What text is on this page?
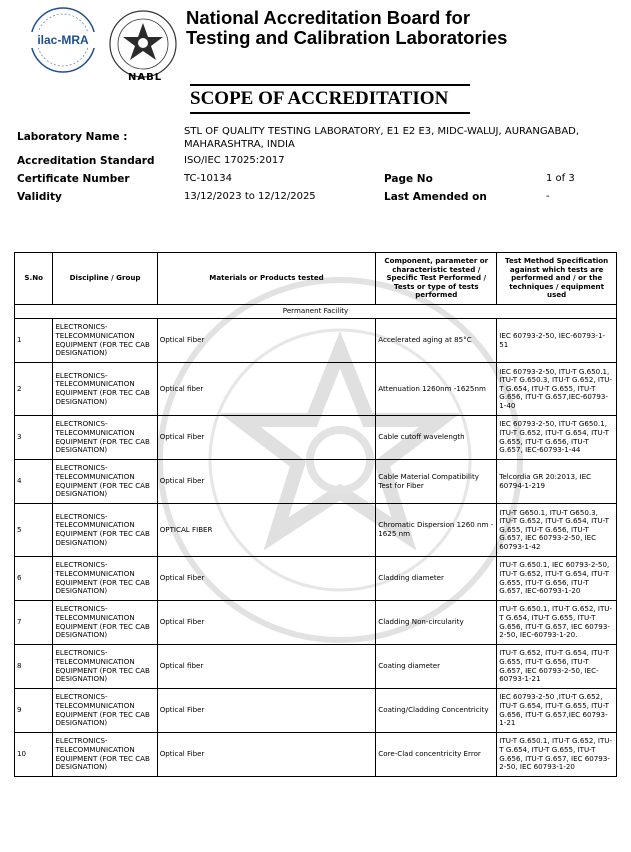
ilac-MRA
NABL
National Accreditation Board for
Testing and Calibration Laboratories
SCOPE OF ACCREDITATION
Laboratory Name :	STL OF QUALITY TESTING LABORATORY, E1 E2 E3, MIDC-WALUJ, AURANGABAD,
MAHARASHTRA, INDIA
Accreditation Standard	ISO/IEC 17025:2017
Certificate Number	TC-10134	Page No	1 of 3
Validity	13/12/2023 to 12/12/2025	Last Amended on	-
S.No	Discipline / Group	Materials or Products tested	Component, parameter or characteristic tested / Specific Test Performed / Tests or type of tests performed	Test Method Specification against which tests are performed and / or the techniques / equipment used
Permanent Facility				
1	ELECTRONICS- TELECOMMUNICATION EQUIPMENT (FOR TEC CAB DESIGNATION)	Optical Fiber	Accelerated aging at 85°C	IEC 60793-2-50, IEC-60793-1-51
2	ELECTRONICS- TELECOMMUNICATION EQUIPMENT (FOR TEC CAB DESIGNATION)	Optical fiber	Attenuation 1260nm -1625nm	IEC 60793-2-50, ITU-T G.650.1, ITU-T G.650.3, ITU-T G.652, ITU-T G.654, ITU-T G.655, ITU-T G.656, ITU-T G.657,IEC-60793-1-40
3	ELECTRONICS- TELECOMMUNICATION EQUIPMENT (FOR TEC CAB DESIGNATION)	Optical Fiber	Cable cutoff wavelength	IEC 60793-2-50, ITU-T G650.1, ITU-T G.652, ITU-T G.654, ITU-T G.655, ITU-T G.656, ITU-T G.657, IEC-60793-1-44
4	ELECTRONICS- TELECOMMUNICATION EQUIPMENT (FOR TEC CAB DESIGNATION)	Optical Fiber	Cable Material Compatibility Test for Fiber	Telcordia GR 20:2013, IEC 60794-1-219
5	ELECTRONICS- TELECOMMUNICATION EQUIPMENT (FOR TEC CAB DESIGNATION)	OPTICAL FIBER	Chromatic Dispersion 1260 nm - 1625 nm	ITU-T G650.1, ITU-T G650.3, ITU-T G.652, ITU-T G.654, ITU-T G.655, ITU-T G.656, ITU-T G.657, IEC 60793-2-50, IEC 60793-1-42
6	ELECTRONICS- TELECOMMUNICATION EQUIPMENT (FOR TEC CAB DESIGNATION)	Optical Fiber	Cladding diameter	ITU-T G.650.1, IEC 60793-2-50, ITU-T G.652, ITU-T G.654, ITU-T G.655, ITU-T G.656, ITU-T G.657, IEC-60793-1-20
7	ELECTRONICS- TELECOMMUNICATION EQUIPMENT (FOR TEC CAB DESIGNATION)	Optical Fiber	Cladding Non-circularity	ITU-T G.650.1, ITU-T G.652, ITU-T G.654, ITU-T G.655, ITU-T G.656, ITU-T G.657, IEC 60793-2-50, IEC-60793-1-20.
8	ELECTRONICS- TELECOMMUNICATION EQUIPMENT (FOR TEC CAB DESIGNATION)	Optical fiber	Coating diameter	ITU-T G.652, ITU-T G.654, ITU-T G.655, ITU-T G.656, ITU-T G.657, IEC 60793-2-50, IEC-60793-1-21
9	ELECTRONICS- TELECOMMUNICATION EQUIPMENT (FOR TEC CAB DESIGNATION)	Optical Fiber	Coating/Cladding Concentricity	IEC 60793-2-50 ,ITU-T G.652, ITU-T G.654, ITU-T G.655, ITU-T G.656, ITU-T G.657,IEC 60793-1-21
10	ELECTRONICS- TELECOMMUNICATION EQUIPMENT (FOR TEC CAB DESIGNATION)	Optical Fiber	Core-Clad concentricity Error	ITU-T G.650.1, ITU-T G.652, ITU-T G.654, ITU-T G.655, ITU-T G.656, ITU-T G.657, IEC 60793-2-50, IEC 60793-1-20
